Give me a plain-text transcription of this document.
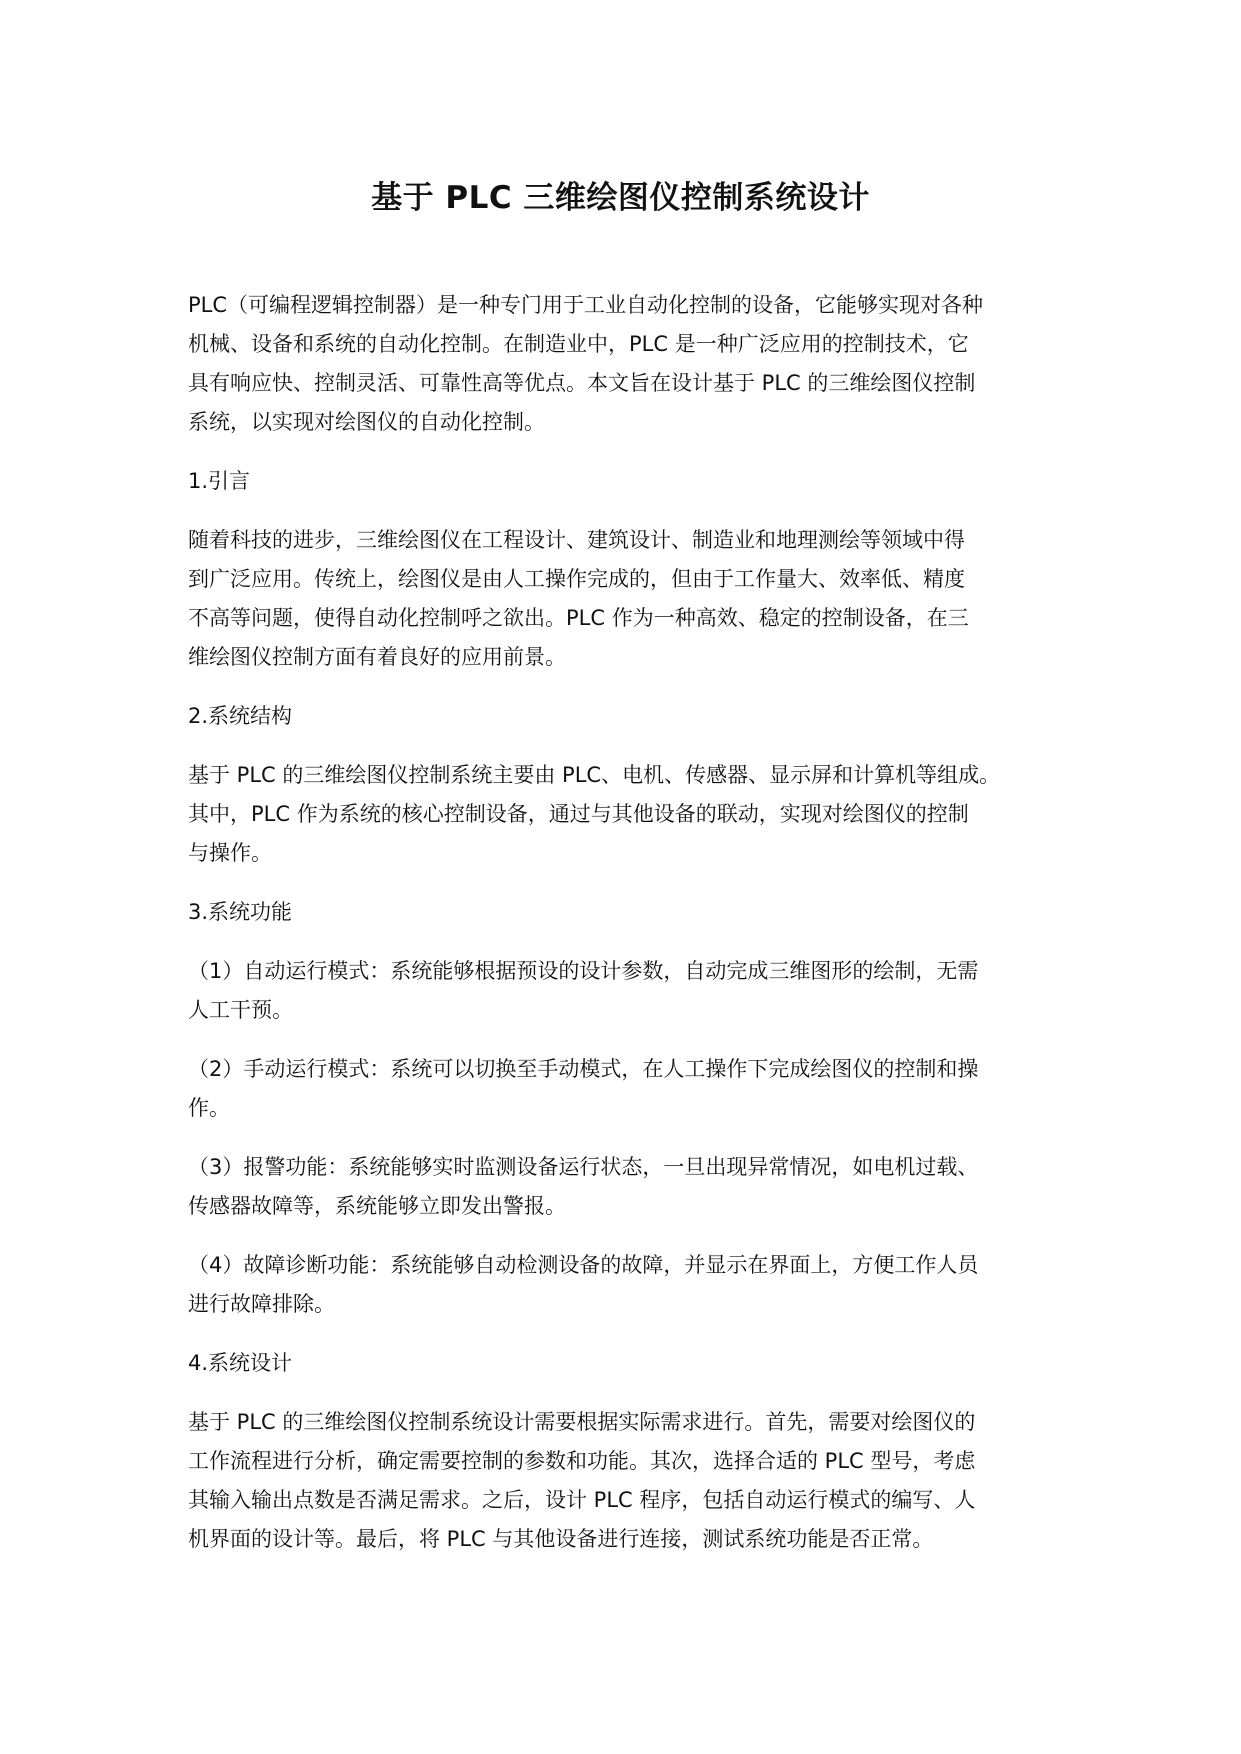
基于 PLC 三维绘图仪控制系统设计

PLC（可编程逻辑控制器）是一种专门用于工业自动化控制的设备，它能够实现对各种
机械、设备和系统的自动化控制。在制造业中，PLC 是一种广泛应用的控制技术，它
具有响应快、控制灵活、可靠性高等优点。本文旨在设计基于 PLC 的三维绘图仪控制
系统，以实现对绘图仪的自动化控制。

1.引言

随着科技的进步，三维绘图仪在工程设计、建筑设计、制造业和地理测绘等领域中得
到广泛应用。传统上，绘图仪是由人工操作完成的，但由于工作量大、效率低、精度
不高等问题，使得自动化控制呼之欲出。PLC 作为一种高效、稳定的控制设备，在三
维绘图仪控制方面有着良好的应用前景。

2.系统结构

基于 PLC 的三维绘图仪控制系统主要由 PLC、电机、传感器、显示屏和计算机等组成。
其中，PLC 作为系统的核心控制设备，通过与其他设备的联动，实现对绘图仪的控制
与操作。

3.系统功能

（1）自动运行模式：系统能够根据预设的设计参数，自动完成三维图形的绘制，无需
人工干预。

（2）手动运行模式：系统可以切换至手动模式，在人工操作下完成绘图仪的控制和操
作。

（3）报警功能：系统能够实时监测设备运行状态，一旦出现异常情况，如电机过载、
传感器故障等，系统能够立即发出警报。

（4）故障诊断功能：系统能够自动检测设备的故障，并显示在界面上，方便工作人员
进行故障排除。

4.系统设计

基于 PLC 的三维绘图仪控制系统设计需要根据实际需求进行。首先，需要对绘图仪的
工作流程进行分析，确定需要控制的参数和功能。其次，选择合适的 PLC 型号，考虑
其输入输出点数是否满足需求。之后，设计 PLC 程序，包括自动运行模式的编写、人
机界面的设计等。最后，将 PLC 与其他设备进行连接，测试系统功能是否正常。
